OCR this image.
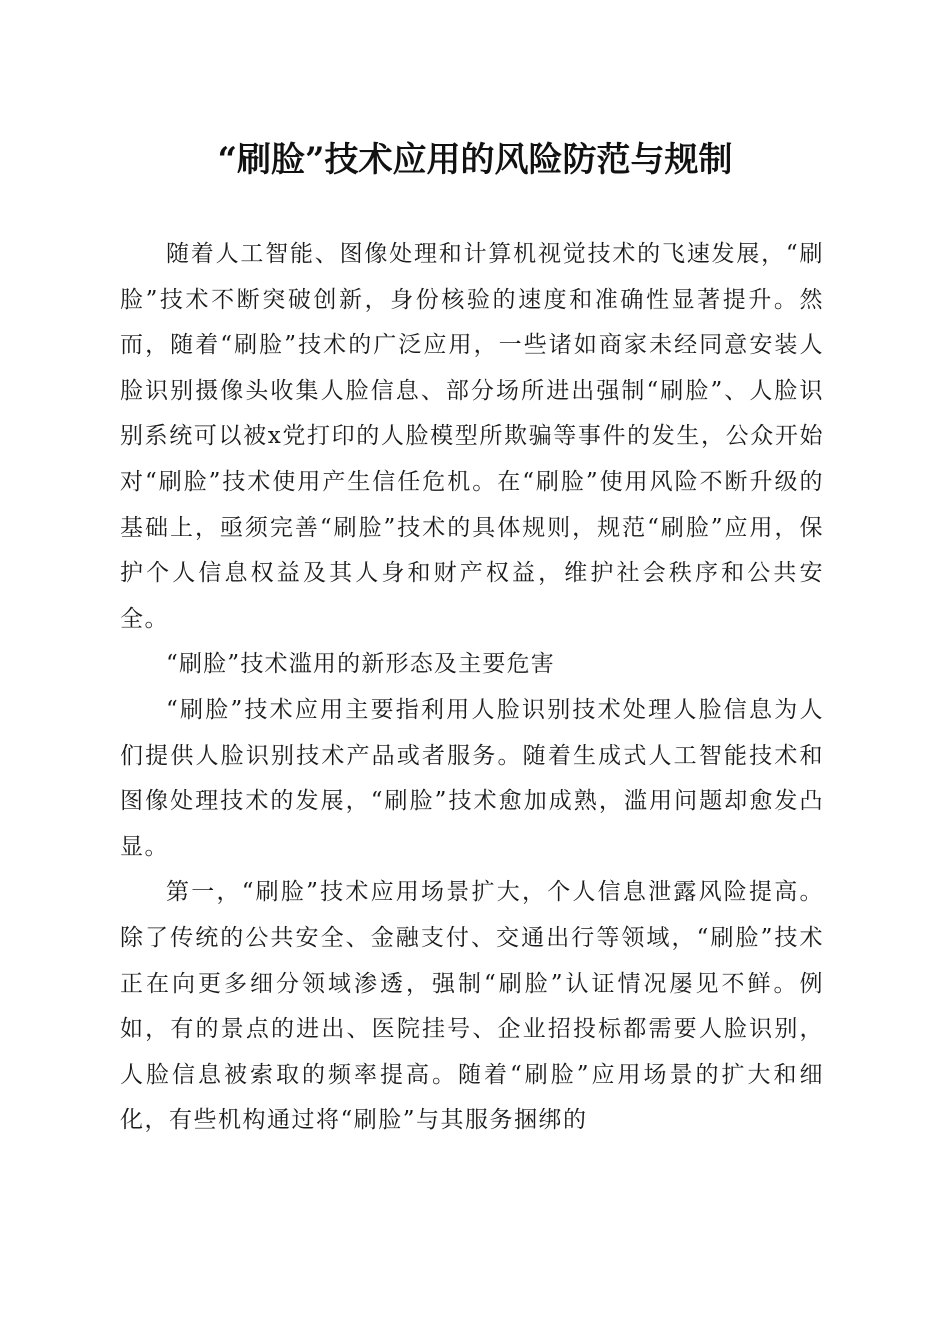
“刷脸”技术应用的风险防范与规制

随着人工智能、图像处理和计算机视觉技术的飞速发展，“刷脸”技术不断突破创新，身份核验的速度和准确性显著提升。然而，随着“刷脸”技术的广泛应用，一些诸如商家未经同意安装人脸识别摄像头收集人脸信息、部分场所进出强制“刷脸”、人脸识别系统可以被x党打印的人脸模型所欺骗等事件的发生，公众开始对“刷脸”技术使用产生信任危机。在“刷脸”使用风险不断升级的基础上，亟须完善“刷脸”技术的具体规则，规范“刷脸”应用，保护个人信息权益及其人身和财产权益，维护社会秩序和公共安全。

“刷脸”技术滥用的新形态及主要危害

“刷脸”技术应用主要指利用人脸识别技术处理人脸信息为人们提供人脸识别技术产品或者服务。随着生成式人工智能技术和图像处理技术的发展，“刷脸”技术愈加成熟，滥用问题却愈发凸显。

第一，“刷脸”技术应用场景扩大，个人信息泄露风险提高。除了传统的公共安全、金融支付、交通出行等领域，“刷脸”技术正在向更多细分领域渗透，强制“刷脸”认证情况屡见不鲜。例如，有的景点的进出、医院挂号、企业招投标都需要人脸识别，人脸信息被索取的频率提高。随着“刷脸”应用场景的扩大和细化，有些机构通过将“刷脸”与其服务捆绑的
